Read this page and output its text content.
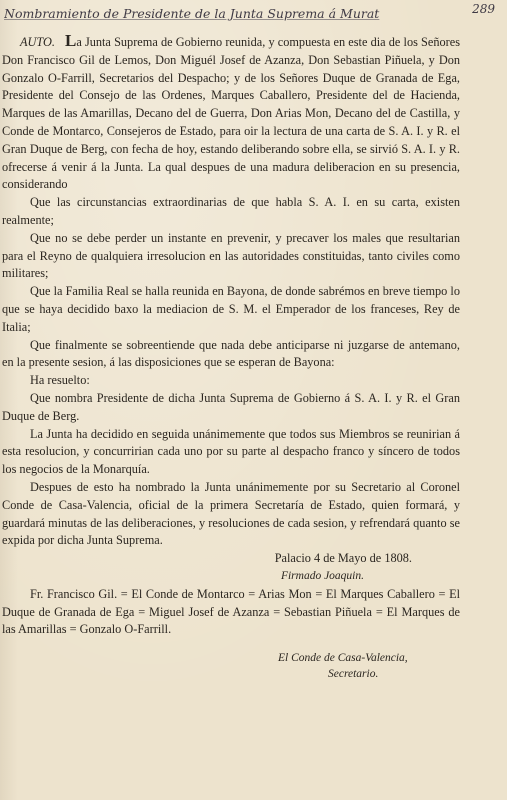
Nombramiento de Presidente de la Junta Suprema á Murat	289

AUTO. La Junta Suprema de Gobierno reunida, y compuesta en este dia de los Señores Don Francisco Gil de Lemos, Don Miguél Josef de Azanza, Don Sebastian Piñuela, y Don Gonzalo O-Farrill, Secretarios del Despacho; y de los Señores Duque de Granada de Ega, Presidente del Consejo de las Ordenes, Marques Caballero, Presidente del de Hacienda, Marques de las Amarillas, Decano del de Guerra, Don Arias Mon, Decano del de Castilla, y Conde de Montarco, Consejeros de Estado, para oir la lectura de una carta de S. A. I. y R. el Gran Duque de Berg, con fecha de hoy, estando deliberando sobre ella, se sirvió S. A. I. y R. ofrecerse á venir á la Junta. La qual despues de una madura deliberacion en su presencia, considerando

Que las circunstancias extraordinarias de que habla S. A. I. en su carta, existen realmente;

Que no se debe perder un instante en prevenir, y precaver los males que resultarian para el Reyno de qualquiera irresolucion en las autoridades constituidas, tanto civiles como militares;

Que la Familia Real se halla reunida en Bayona, de donde sabrémos en breve tiempo lo que se haya decidido baxo la mediacion de S. M. el Emperador de los franceses, Rey de Italia;

Que finalmente se sobreentiende que nada debe anticiparse ni juzgarse de antemano, en la presente sesion, á las disposiciones que se esperan de Bayona:

Ha resuelto:

Que nombra Presidente de dicha Junta Suprema de Gobierno á S. A. I. y R. el Gran Duque de Berg.

La Junta ha decidido en seguida unánimemente que todos sus Miembros se reunirian á esta resolucion, y concurririan cada uno por su parte al despacho franco y síncero de todos los negocios de la Monarquía.

Despues de esto ha nombrado la Junta unánimemente por su Secretario al Coronel Conde de Casa-Valencia, oficial de la primera Secretaría de Estado, quien formará, y guardará minutas de las deliberaciones, y resoluciones de cada sesion, y refrendará quanto se expida por dicha Junta Suprema.

Palacio 4 de Mayo de 1808.

Firmado Joaquin.

Fr. Francisco Gil. = El Conde de Montarco = Arias Mon = El Marques Caballero = El Duque de Granada de Ega = Miguel Josef de Azanza = Sebastian Piñuela = El Marques de las Amarillas = Gonzalo O-Farrill.

El Conde de Casa-Valencia,
Secretario.
